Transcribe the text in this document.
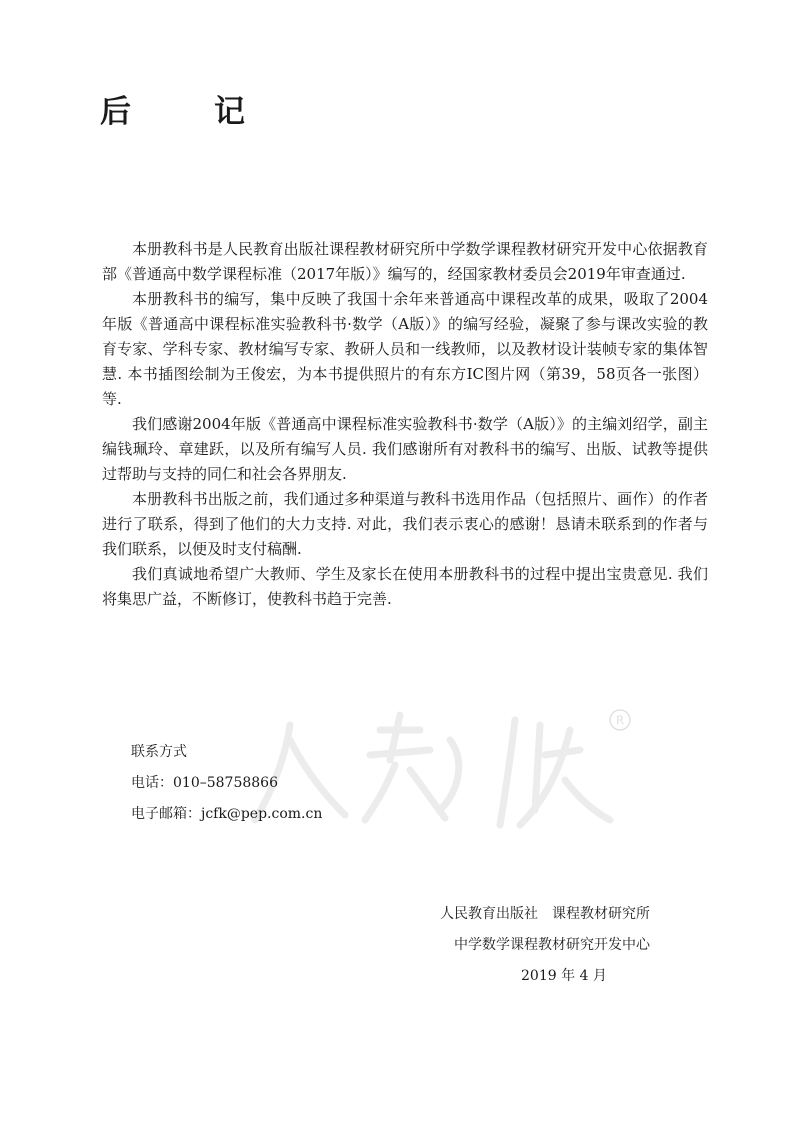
R
后　记

本册教科书是人民教育出版社课程教材研究所中学数学课程教材研究开发中心依据教育部《普通高中数学课程标准（2017年版）》编写的，经国家教材委员会2019年审查通过.

本册教科书的编写，集中反映了我国十余年来普通高中课程改革的成果，吸取了2004年版《普通高中课程标准实验教科书·数学（A版）》的编写经验，凝聚了参与课改实验的教育专家、学科专家、教材编写专家、教研人员和一线教师，以及教材设计装帧专家的集体智慧. 本书插图绘制为王俊宏，为本书提供照片的有东方IC图片网（第39，58页各一张图）等.

我们感谢2004年版《普通高中课程标准实验教科书·数学（A版）》的主编刘绍学，副主编钱珮玲、章建跃，以及所有编写人员. 我们感谢所有对教科书的编写、出版、试教等提供过帮助与支持的同仁和社会各界朋友.

本册教科书出版之前，我们通过多种渠道与教科书选用作品（包括照片、画作）的作者进行了联系，得到了他们的大力支持. 对此，我们表示衷心的感谢！恳请未联系到的作者与我们联系，以便及时支付稿酬.

我们真诚地希望广大教师、学生及家长在使用本册教科书的过程中提出宝贵意见. 我们将集思广益，不断修订，使教科书趋于完善.

联系方式
电话：010–58758866
电子邮箱：jcfk@pep.com.cn
人民教育出版社　课程教材研究所
中学数学课程教材研究开发中心
2019 年 4 月
